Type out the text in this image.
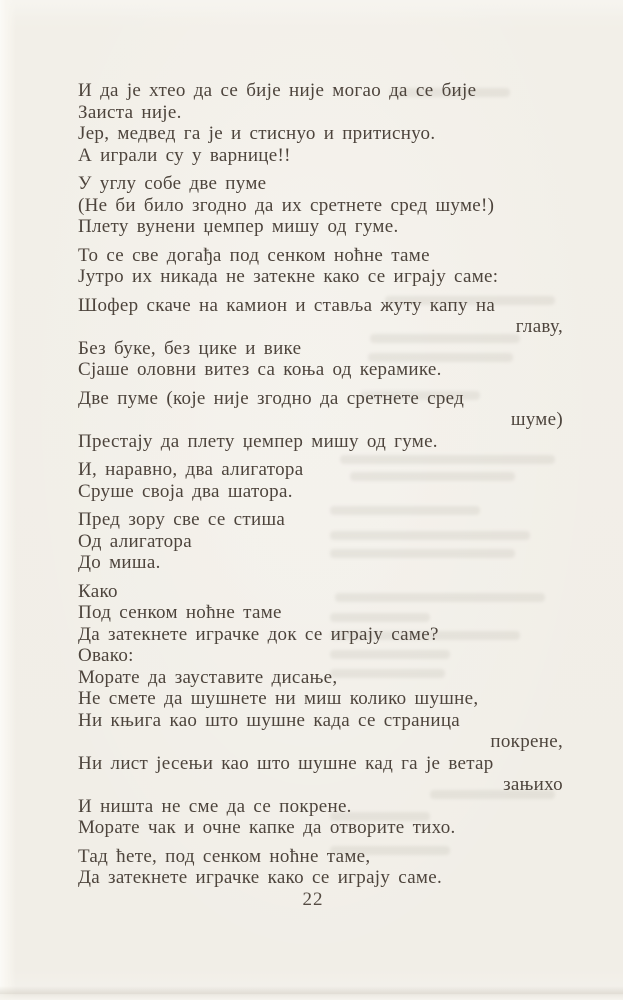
И да је хтео да се бије није могао да се бије
Заиста није.
Јер, медвед га је и стиснуо и притиснуо.
А играли су у варнице!!
У углу собе две пуме
(Не би било згодно да их сретнете сред шуме!)
Плету вунени џемпер мишу од гуме.
То се све догађа под сенком ноћне таме
Јутро их никада не затекне како се играју саме:
Шофер скаче на камион и ставља жуту капу на
главу,
Без буке, без цике и вике
Сјаше оловни витез са коња од керамике.
Две пуме (које није згодно да сретнете сред
шуме)
Престају да плету џемпер мишу од гуме.
И, наравно, два алигатора
Сруше своја два шатора.
Пред зору све се стиша
Од алигатора
До миша.
Како
Под сенком ноћне таме
Да затекнете играчке док се играју саме?
Овако:
Морате да зауставите дисање,
Не смете да шушнете ни миш колико шушне,
Ни књига као што шушне када се страница
покрене,
Ни лист јесењи као што шушне кад га је ветар
зањихо
И ништа не сме да се покрене.
Морате чак и очне капке да отворите тихо.
Тад ћете, под сенком ноћне таме,
Да затекнете играчке како се играју саме.
22
